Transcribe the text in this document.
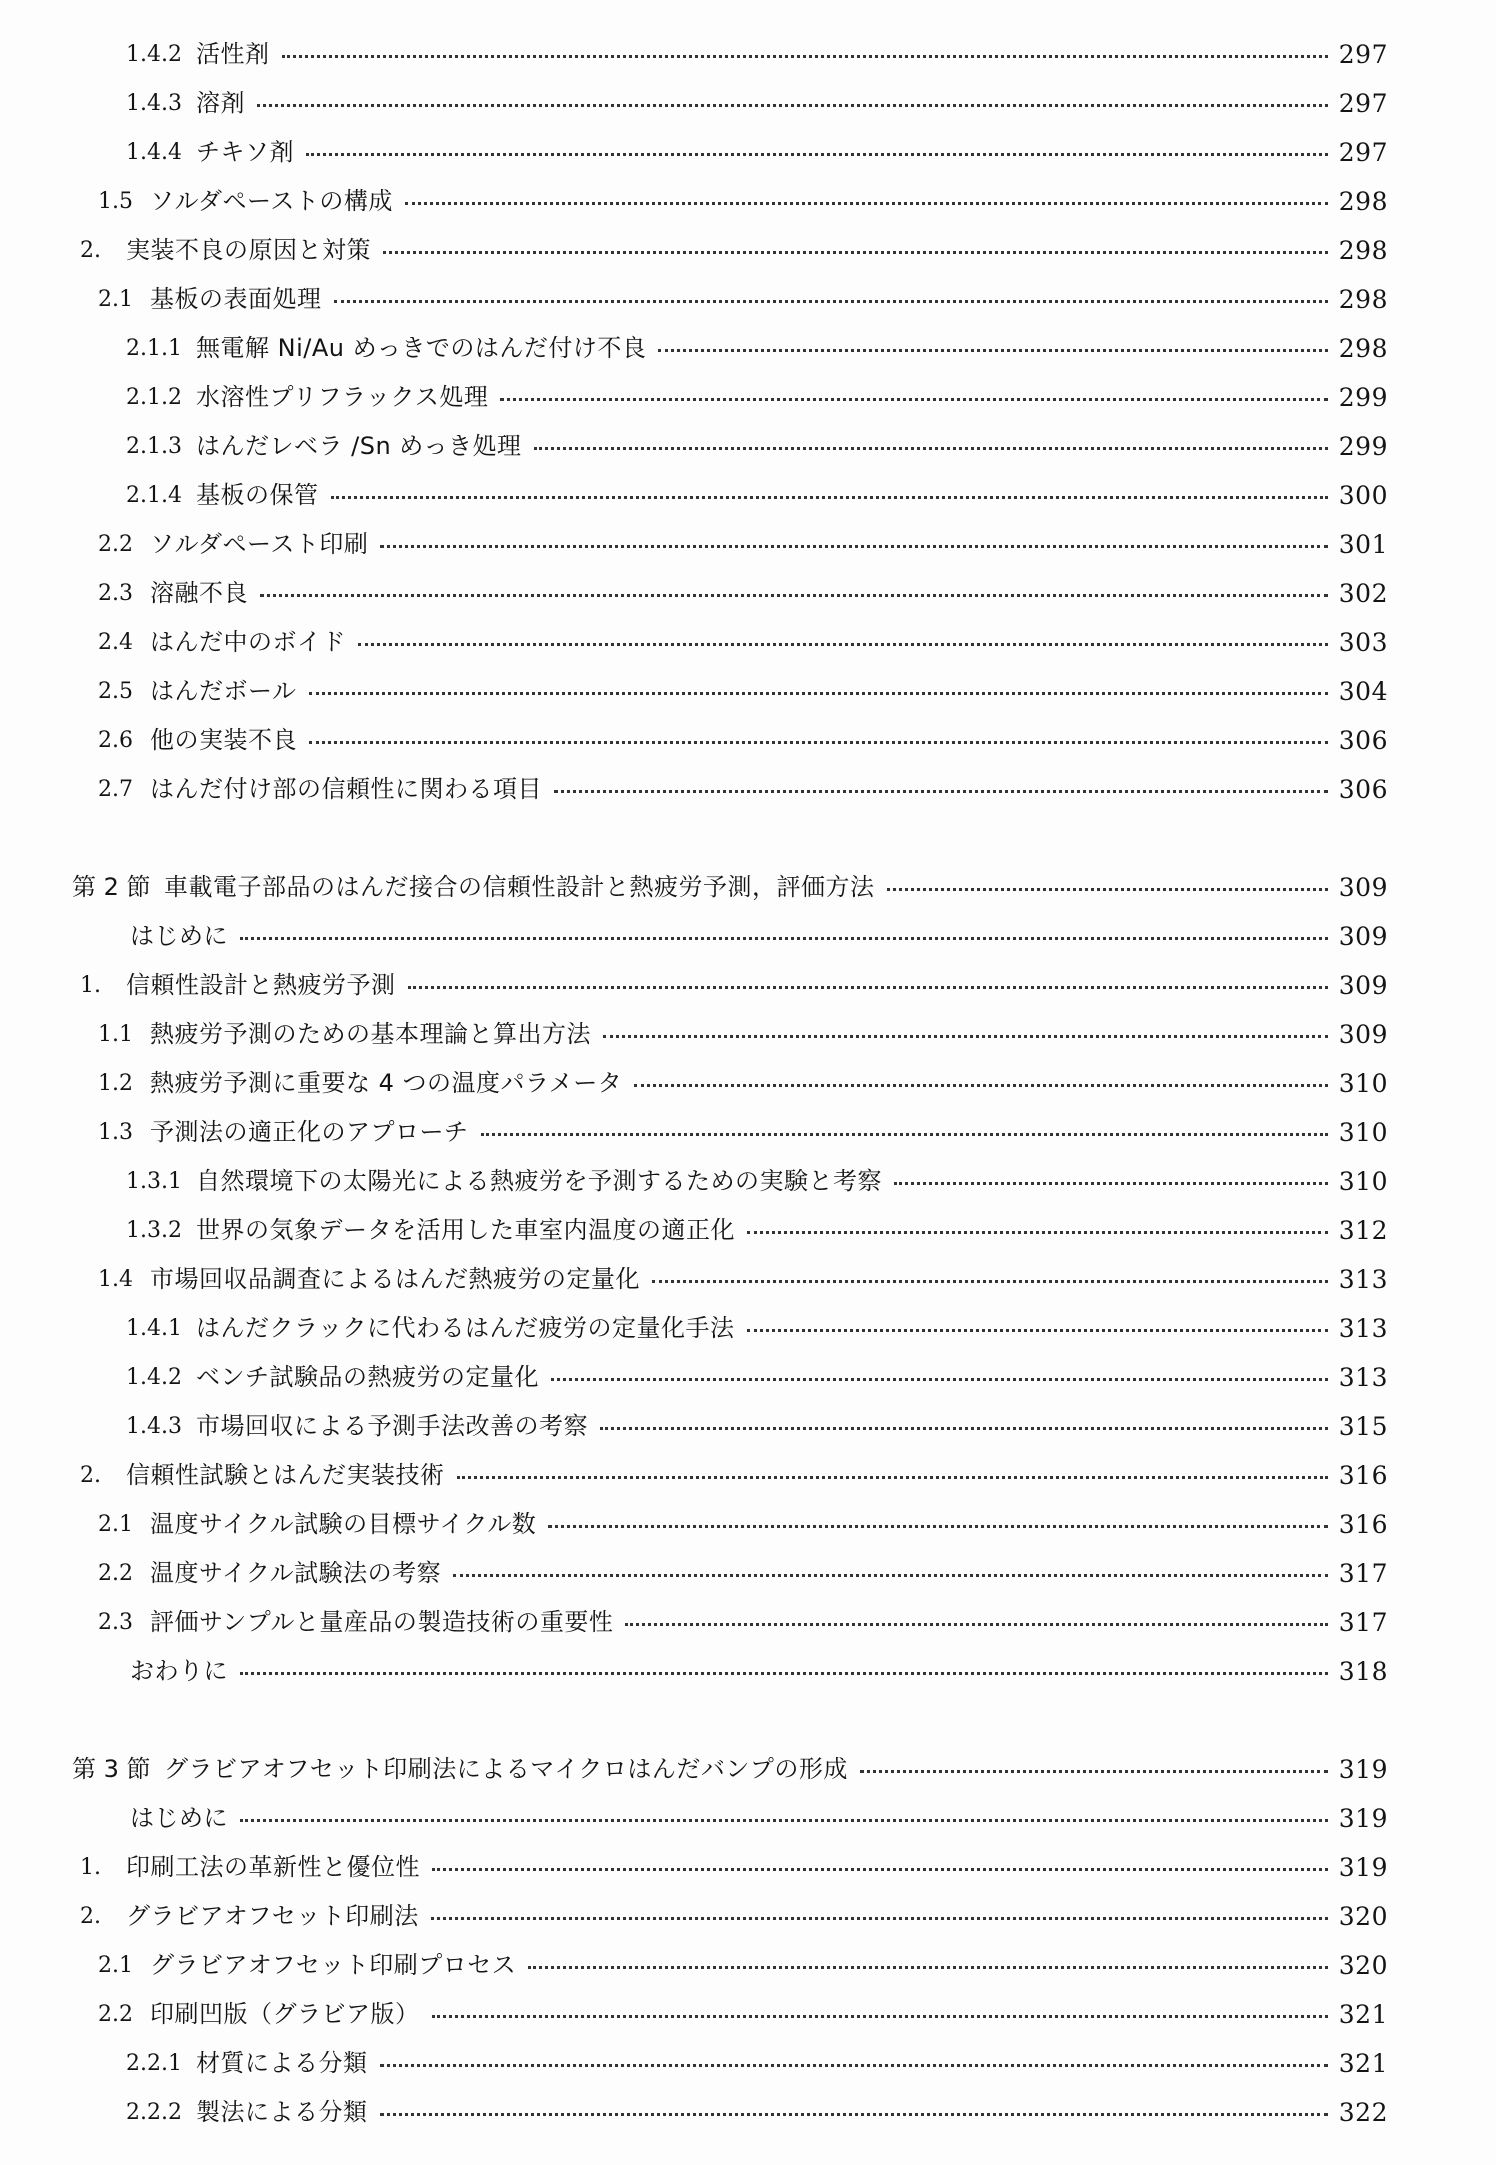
1.4.2 活性剤	297
1.4.3 溶剤	297
1.4.4 チキソ剤	297
1.5 ソルダペーストの構成	298
2.	実装不良の原因と対策	298
2.1 基板の表面処理	298
2.1.1 無電解 Ni/Au めっきでのはんだ付け不良	298
2.1.2 水溶性プリフラックス処理	299
2.1.3 はんだレベラ /Sn めっき処理	299
2.1.4 基板の保管	300
2.2 ソルダペースト印刷	301
2.3 溶融不良	302
2.4 はんだ中のボイド	303
2.5 はんだボール	304
2.6 他の実装不良	306
2.7 はんだ付け部の信頼性に関わる項目	306
第 2 節 車載電子部品のはんだ接合の信頼性設計と熱疲労予測，評価方法	309
はじめに	309
1.	信頼性設計と熱疲労予測	309
1.1 熱疲労予測のための基本理論と算出方法	309
1.2 熱疲労予測に重要な 4 つの温度パラメータ	310
1.3 予測法の適正化のアプローチ	310
1.3.1 自然環境下の太陽光による熱疲労を予測するための実験と考察	310
1.3.2 世界の気象データを活用した車室内温度の適正化	312
1.4 市場回収品調査によるはんだ熱疲労の定量化	313
1.4.1 はんだクラックに代わるはんだ疲労の定量化手法	313
1.4.2 ベンチ試験品の熱疲労の定量化	313
1.4.3 市場回収による予測手法改善の考察	315
2.	信頼性試験とはんだ実装技術	316
2.1 温度サイクル試験の目標サイクル数	316
2.2 温度サイクル試験法の考察	317
2.3 評価サンプルと量産品の製造技術の重要性	317
おわりに	318
第 3 節 グラビアオフセット印刷法によるマイクロはんだバンプの形成	319
はじめに	319
1.	印刷工法の革新性と優位性	319
2.	グラビアオフセット印刷法	320
2.1 グラビアオフセット印刷プロセス	320
2.2 印刷凹版（グラビア版）	321
2.2.1 材質による分類	321
2.2.2 製法による分類	322
